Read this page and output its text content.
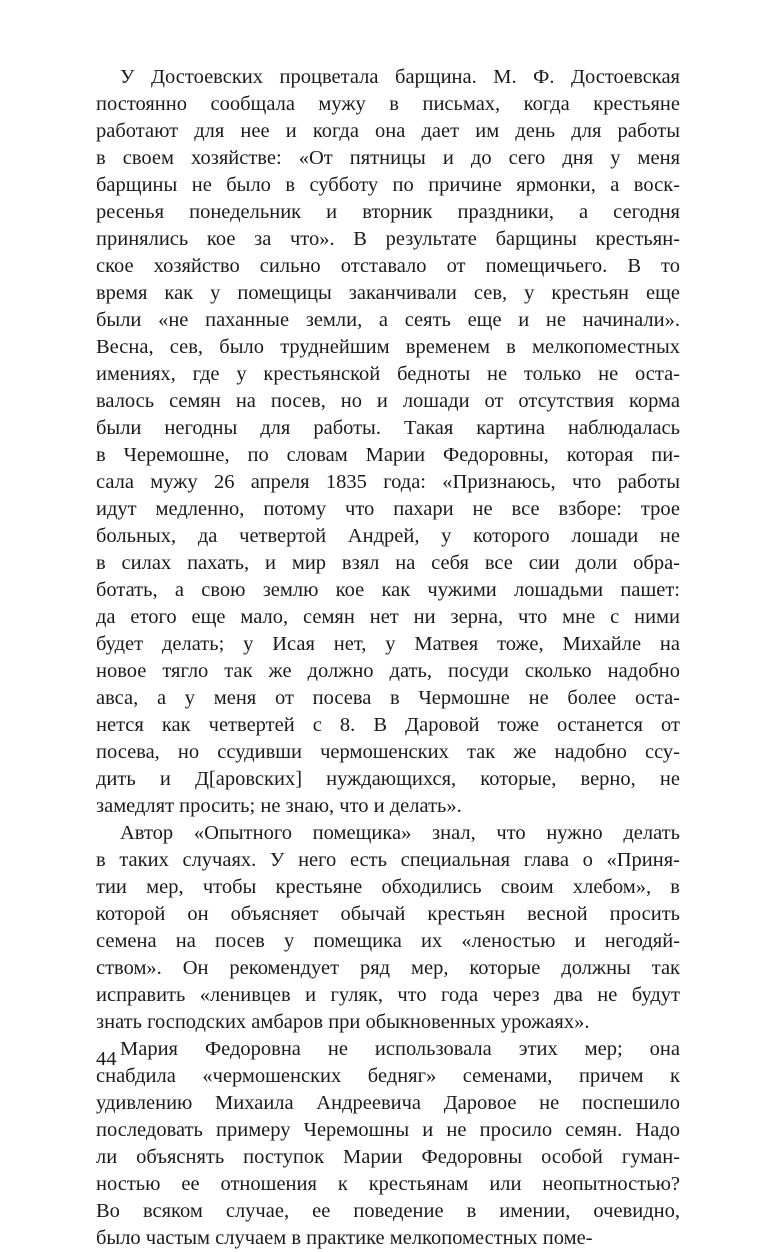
У Достоевских процветала барщина. М. Ф. Достоевская
постоянно сообщала мужу в письмах, когда крестьяне
работают для нее и когда она дает им день для работы
в своем хозяйстве: «От пятницы и до сего дня у меня
барщины не было в субботу по причине ярмонки, а воск-
ресенья понедельник и вторник праздники, а сегодня
принялись кое за что». В результате барщины крестьян-
ское хозяйство сильно отставало от помещичьего. В то
время как у помещицы заканчивали сев, у крестьян еще
были «не паханные земли, а сеять еще и не начинали».
Весна, сев, было труднейшим временем в мелкопоместных
имениях, где у крестьянской бедноты не только не оста-
валось семян на посев, но и лошади от отсутствия корма
были негодны для работы. Такая картина наблюдалась
в Черемошне, по словам Марии Федоровны, которая пи-
сала мужу 26 апреля 1835 года: «Признаюсь, что работы
идут медленно, потому что пахари не все взборе: трое
больных, да четвертой Андрей, у которого лошади не
в силах пахать, и мир взял на себя все сии доли обра-
ботать, а свою землю кое как чужими лошадьми пашет:
да етого еще мало, семян нет ни зерна, что мне с ними
будет делать; у Исая нет, у Матвея тоже, Михайле на
новое тягло так же должно дать, посуди сколько надобно
авса, а у меня от посева в Чермошне не более оста-
нется как четвертей с 8. В Даровой тоже останется от
посева, но ссудивши чермошенских так же надобно ссу-
дить и Д[аровских] нуждающихся, которые, верно, не
замедлят просить; не знаю, что и делать».
Автор «Опытного помещика» знал, что нужно делать
в таких случаях. У него есть специальная глава о «Приня-
тии мер, чтобы крестьяне обходились своим хлебом», в
которой он объясняет обычай крестьян весной просить
семена на посев у помещика их «леностью и негодяй-
ством». Он рекомендует ряд мер, которые должны так
исправить «ленивцев и гуляк, что года через два не будут
знать господских амбаров при обыкновенных урожаях».
Мария Федоровна не использовала этих мер; она
снабдила «чермошенских бедняг» семенами, причем к
удивлению Михаила Андреевича Даровое не поспешило
последовать примеру Черемошны и не просило семян. Надо
ли объяснять поступок Марии Федоровны особой гуман-
ностью ее отношения к крестьянам или неопытностью?
Во всяком случае, ее поведение в имении, очевидно,
было частым случаем в практике мелкопоместных поме-
44
